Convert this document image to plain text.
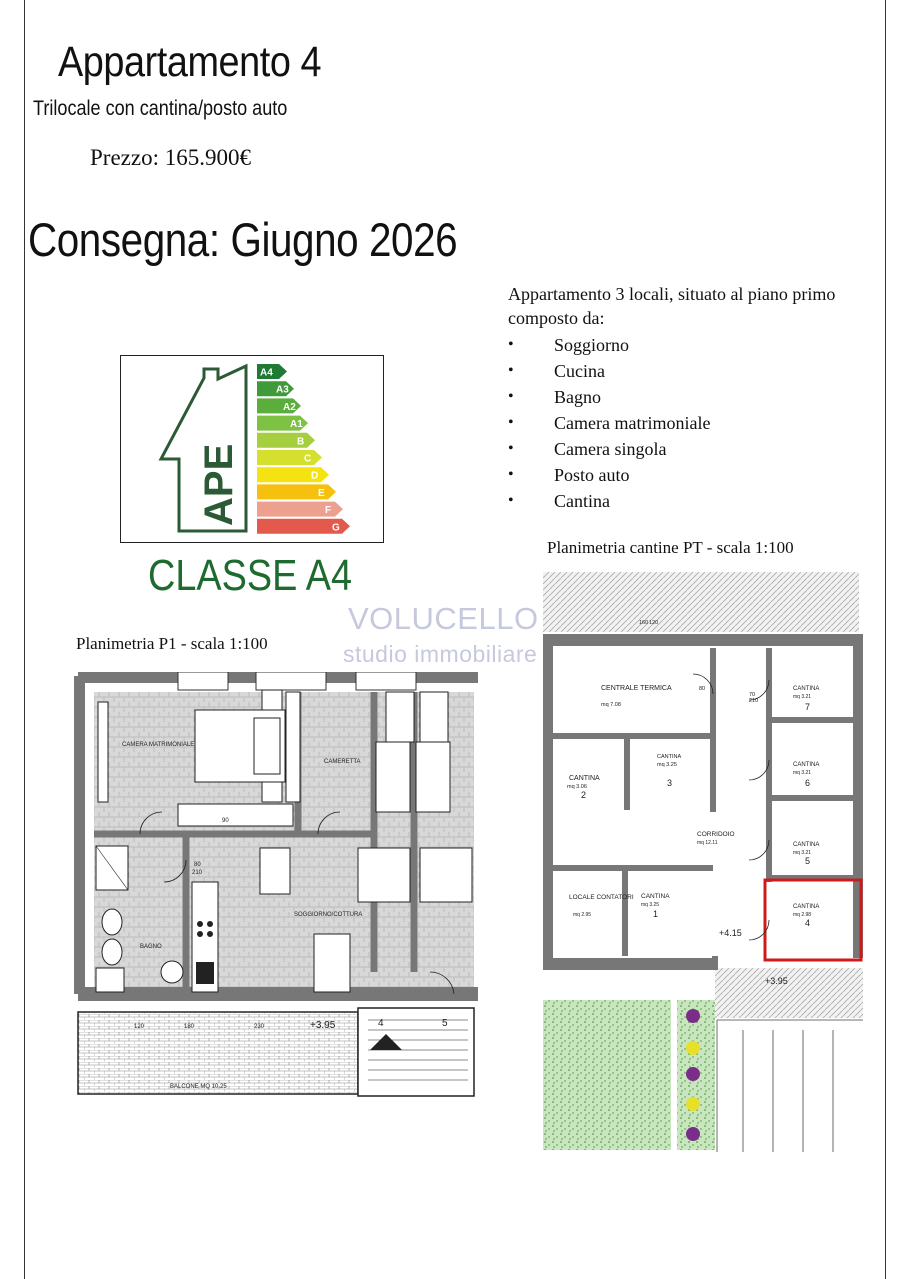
Appartamento 4
Trilocale con cantina/posto auto
Prezzo: 165.900€
Consegna: Giugno 2026
Appartamento 3 locali, situato al piano primo composto da:
• Soggiorno
• Cucina
• Bagno
• Camera matrimoniale
• Camera singola
• Posto auto
• Cantina
APE
A4
A3
A2
A1
B
C
D
E
F
G
CLASSE A4
VOLUCELLO
studio immobiliare
Planimetria P1 - scala 1:100
Planimetria cantine PT - scala 1:100
CAMERA MATRIMONIALE
CAMERETTA
SOGGIORNO/COTTURA
BAGNO
BALCONE MQ 10.25
+3.95	4	5
80
210
90
230
120	180
CENTRALE TERMICA
mq 7.08
CANTINA
mq 3.06
2
CANTINA
mq 3.25
3
CANTINA
mq 3.21
7
CANTINA
mq 3.21
6
CORRIDOIO
mq 12.11	CANTINA
mq 3.21
5
LOCALE CONTATORI
mq 2.95
CANTINA
mq 3.25
1
CANTINA
mq 2.98
4
+4.15
+3.95
70
210
80
160 120
